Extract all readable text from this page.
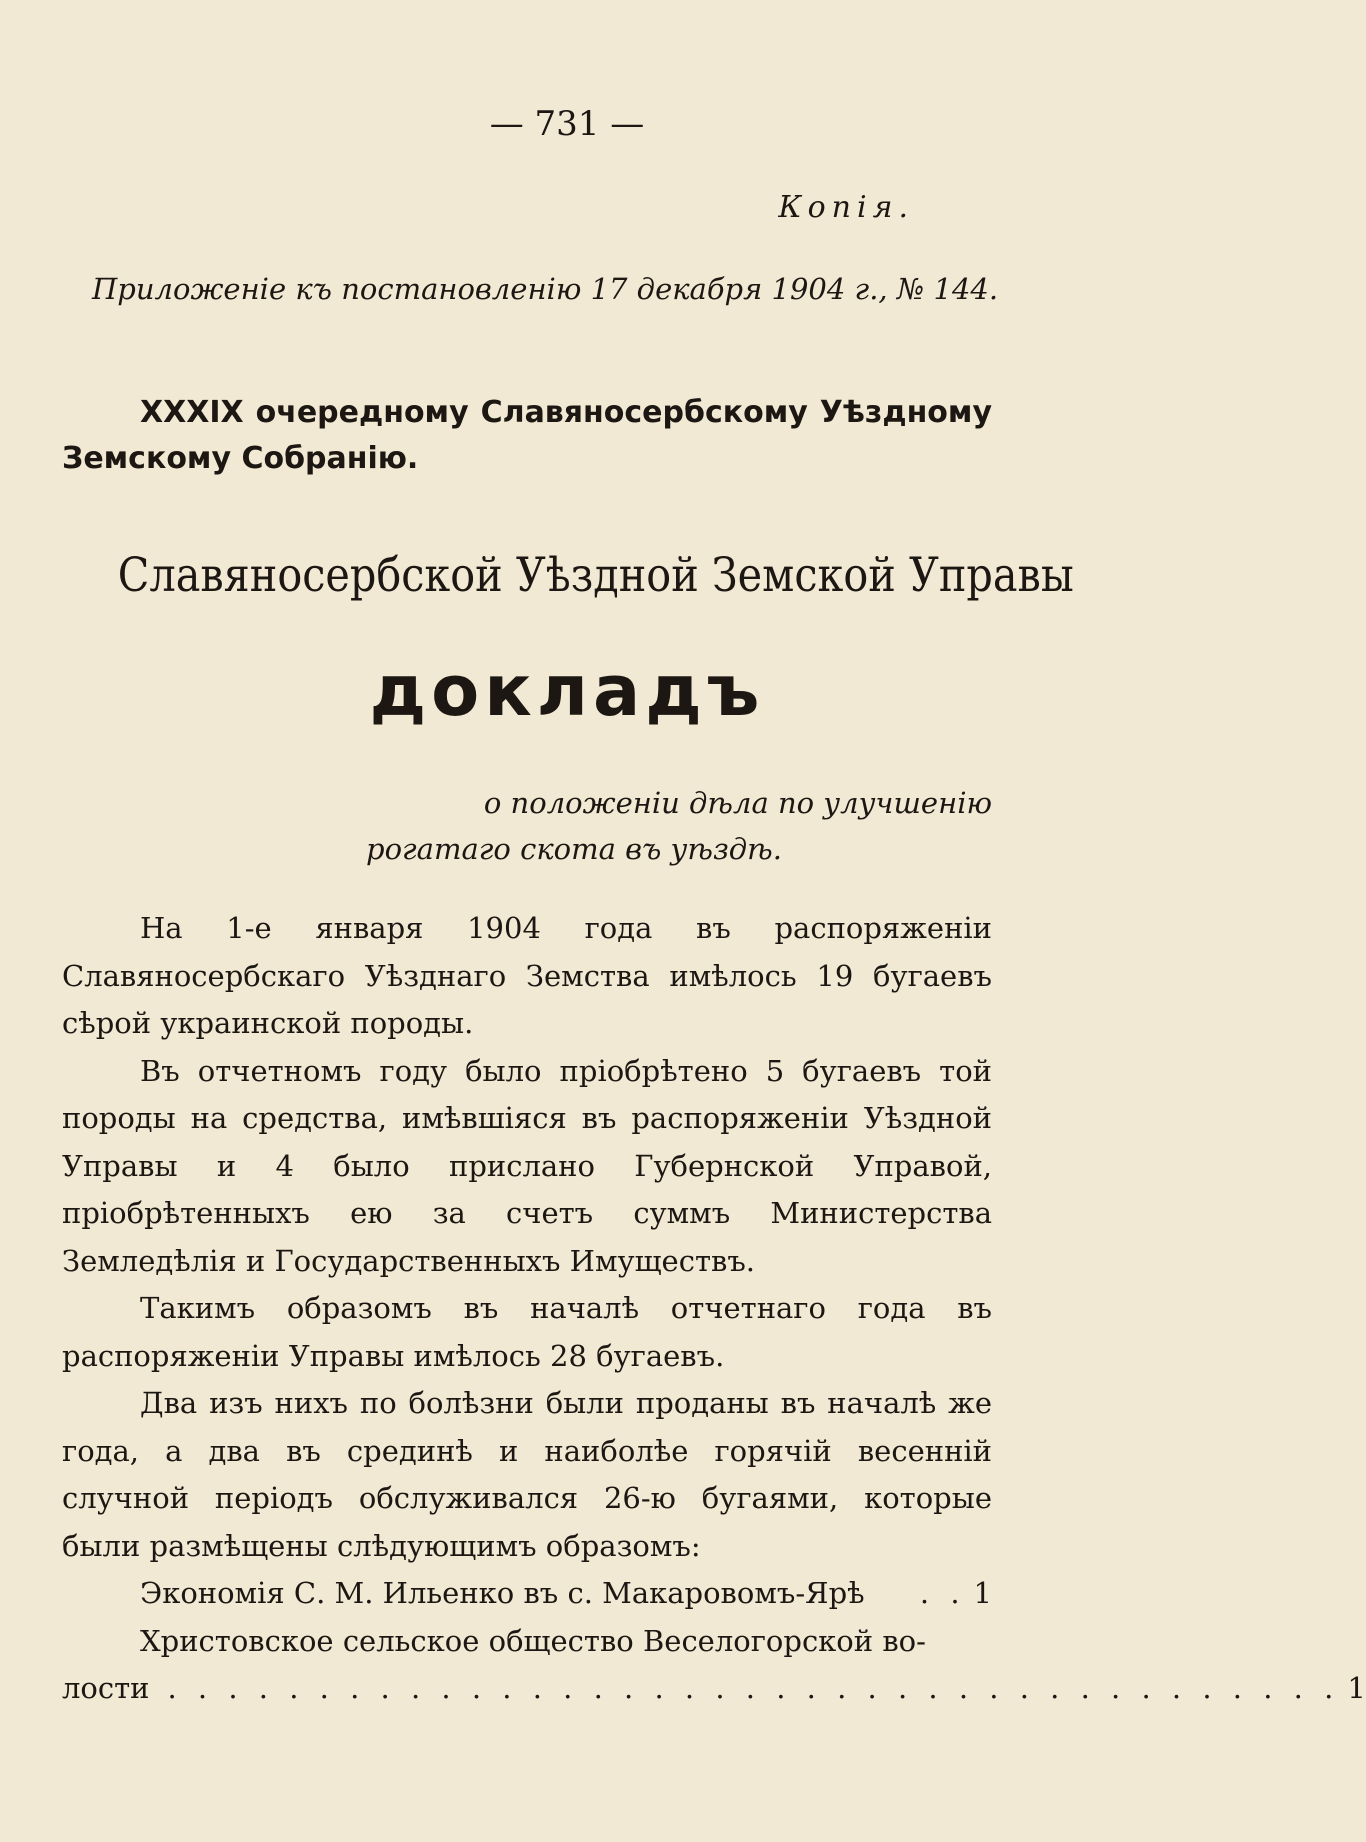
— 731 —
Копiя.
Приложенiе къ постановленiю 17 декабря 1904 г., № 144.
XXXIX очередному Славяносербскому Уѣздному Земскому Собранiю.
Славяносербской Уѣздной Земской Управы
докладъ
о положенiи дѣла по улучшенiю
рогатаго скота въ уѣздѣ.

На 1-е января 1904 года въ распоряженiи Славяносербскаго Уѣзднаго Земства имѣлось 19 бугаевъ сѣрой украинской породы.

Въ отчетномъ году было прiобрѣтено 5 бугаевъ той породы на средства, имѣвшiяся въ распоряженiи Уѣздной Управы и 4 было прислано Губернской Управой, прiобрѣтенныхъ ею за счетъ суммъ Министерства Земледѣлiя и Государственныхъ Имуществъ.

Такимъ образомъ въ началѣ отчетнаго года въ распоряженiи Управы имѣлось 28 бугаевъ.

Два изъ нихъ по болѣзни были проданы въ началѣ же года, а два въ срединѣ и наиболѣе горячiй весеннiй случной перiодъ обслуживался 26-ю бугаями, которые были размѣщены слѣдующимъ образомъ:

Экономiя С. М. Ильенко въ с. Макаровомъ-Ярѣ	. . 1
Христовское сельское общество Веселогорской во-
лости . . . . . . . . . . . . . . . . . . . . . . . . . . . . . . . . . . . . . . . 1
